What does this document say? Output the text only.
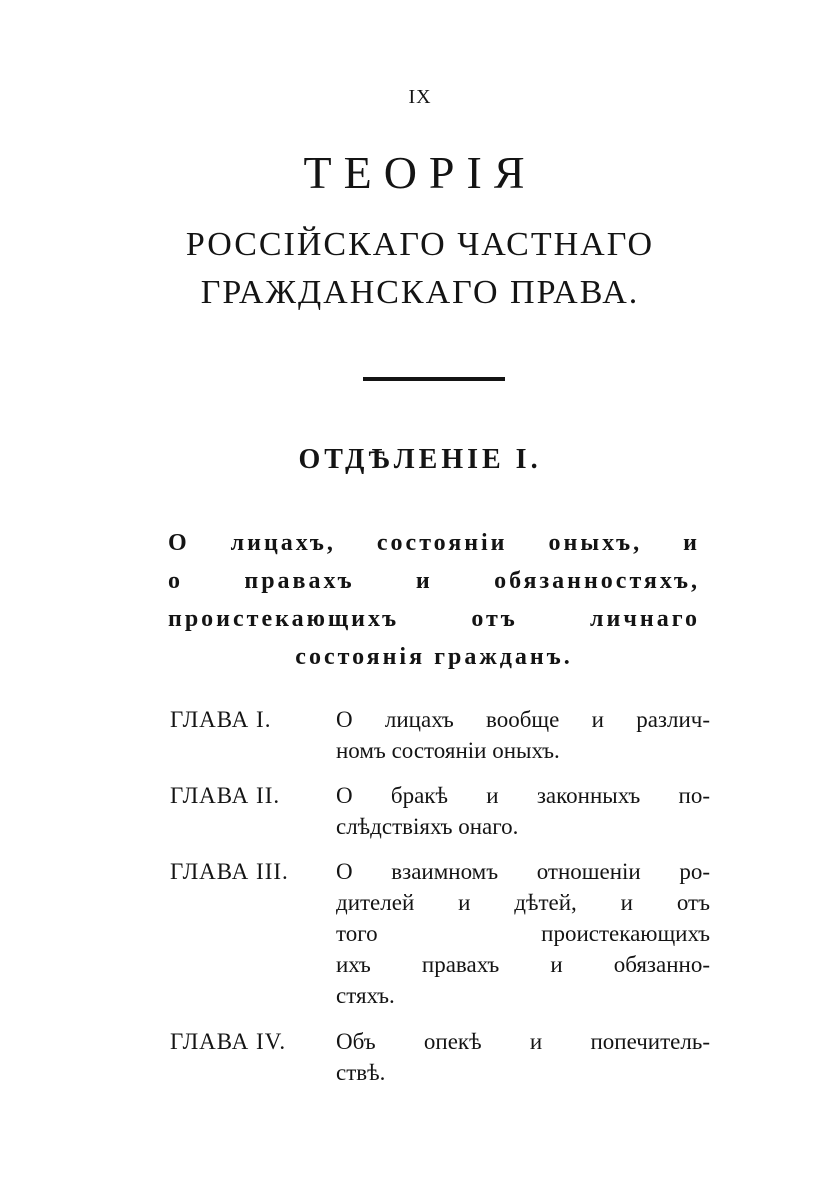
IX
ТЕОРІЯ
РОССІЙСКАГО ЧАСТНАГО
ГРАЖДАНСКАГО ПРАВА.
ОТДѢЛЕНІЕ I.
О лицахъ, состоянiи оныхъ, и
о правахъ и обязанностяхъ,
проистекающихъ отъ личнаго
состоянія гражданъ.
ГЛАВА I.	О лицахъ вообще и различ-
номъ состоянiи оныхъ.
ГЛАВА II. О бракѣ и законныхъ по-
слѣдствiяхъ онаго.
ГЛАВА III. О взаимномъ отношенiи ро-
дителей и дѣтей, и отъ
того проистекающихъ
ихъ правахъ и обязанно-
стяхъ.
ГЛАВА IV. Объ опекѣ и попечитель-
ствѣ.
